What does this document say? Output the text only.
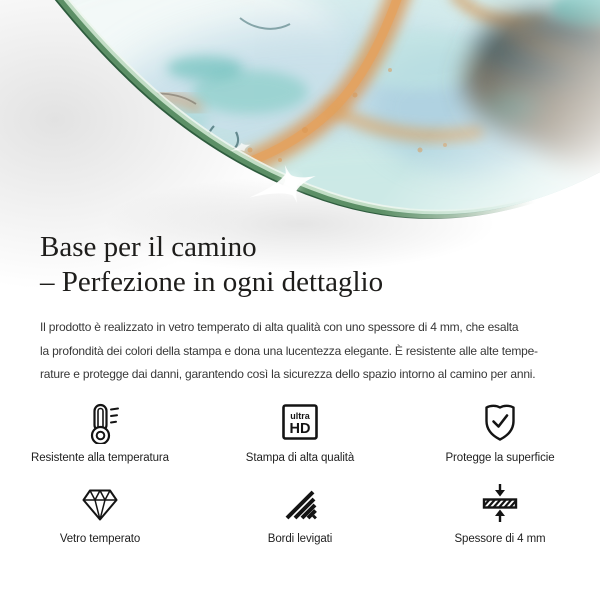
Base per il camino
– Perfezione in ogni dettaglio
Il prodotto è realizzato in vetro temperato di alta qualità con uno spessore di 4 mm, che esalta
la profondità dei colori della stampa e dona una lucentezza elegante. È resistente alle alte tempe-
rature e protegge dai danni, garantendo così la sicurezza dello spazio intorno al camino per anni.
Resistente alla temperatura
ultra
HD
Stampa di alta qualità	Protegge la superficie
Vetro temperato	Bordi levigati	Spessore di 4 mm
